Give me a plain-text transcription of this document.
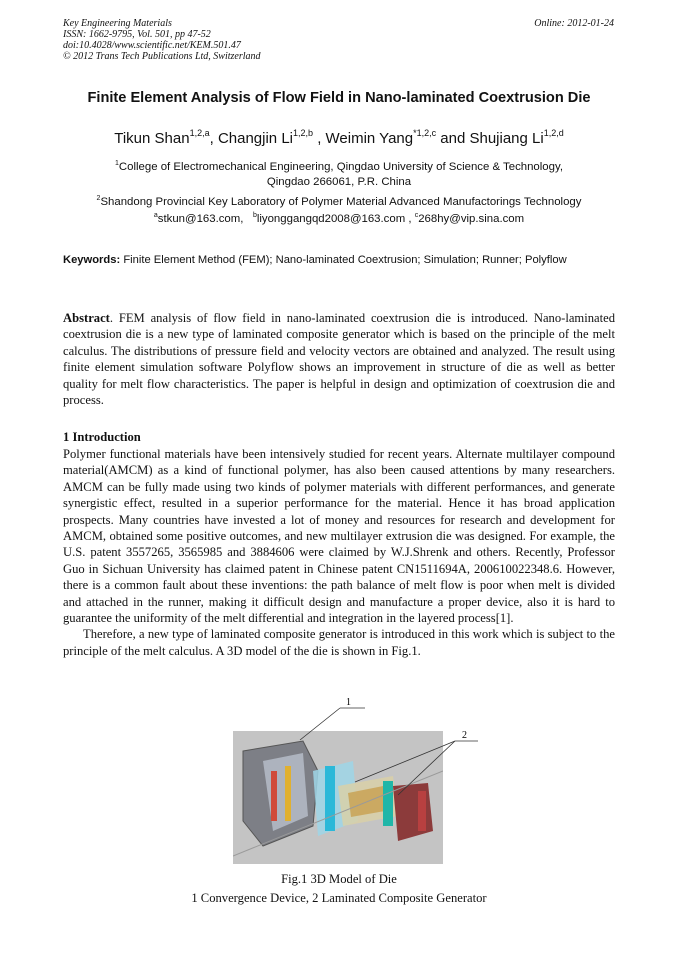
Key Engineering Materials
ISSN: 1662-9795, Vol. 501, pp 47-52
doi:10.4028/www.scientific.net/KEM.501.47
© 2012 Trans Tech Publications Ltd, Switzerland
Online: 2012-01-24
Finite Element Analysis of Flow Field in Nano-laminated Coextrusion Die
Tikun Shan$^{1,2,a}$, Changjin Li$^{1,2,b}$ , Weimin Yang$^{*1,2,c}$ and Shujiang Li$^{1,2,d}$
$^1$College of Electromechanical Engineering, Qingdao University of Science & Technology,
Qingdao 266061, P.R. China
$^2$Shandong Provincial Key Laboratory of Polymer Material Advanced Manufactorings Technology
$^a$stkun@163.com, $^b$liyonggangqd2008@163.com , $^c$268hy@vip.sina.com
Keywords: Finite Element Method (FEM); Nano-laminated Coextrusion; Simulation; Runner; Polyflow
Abstract. FEM analysis of flow field in nano-laminated coextrusion die is introduced. Nano-laminated coextrusion die is a new type of laminated composite generator which is based on the principle of the melt calculus. The distributions of pressure field and velocity vectors are obtained and analyzed. The result using finite element simulation software Polyflow shows an improvement in structure of die as well as better quality for melt flow characteristics. The paper is helpful in design and optimization of coextrusion die and process.
1 Introduction

Polymer functional materials have been intensively studied for recent years. Alternate multilayer compound material(AMCM) as a kind of functional polymer, has also been caused attentions by many researchers. AMCM can be fully made using two kinds of polymer materials with different performances, and generate synergistic effect, resulted in a superior performance for the material. Hence it has broad application prospects. Many countries have invested a lot of money and resources for research and development for AMCM, obtained some positive outcomes, and new multilayer extrusion die was designed. For example, the U.S. patent 3557265, 3565985 and 3884606 were claimed by W.J.Shrenk and others. Recently, Professor Guo in Sichuan University has claimed patent in Chinese patent CN1511694A, 200610022348.6. However, there is a common fault about these inventions: the path balance of melt flow is poor when melt is divided and attached in the runner, making it difficult design and manufacture a proper device, also it is hard to guarantee the uniformity of the melt differential and integration in the layered process[1].

Therefore, a new type of laminated composite generator is introduced in this work which is subject to the principle of the melt calculus. A 3D model of the die is shown in Fig.1.

1
2
Fig.1 3D Model of Die
1 Convergence Device, 2 Laminated Composite Generator
